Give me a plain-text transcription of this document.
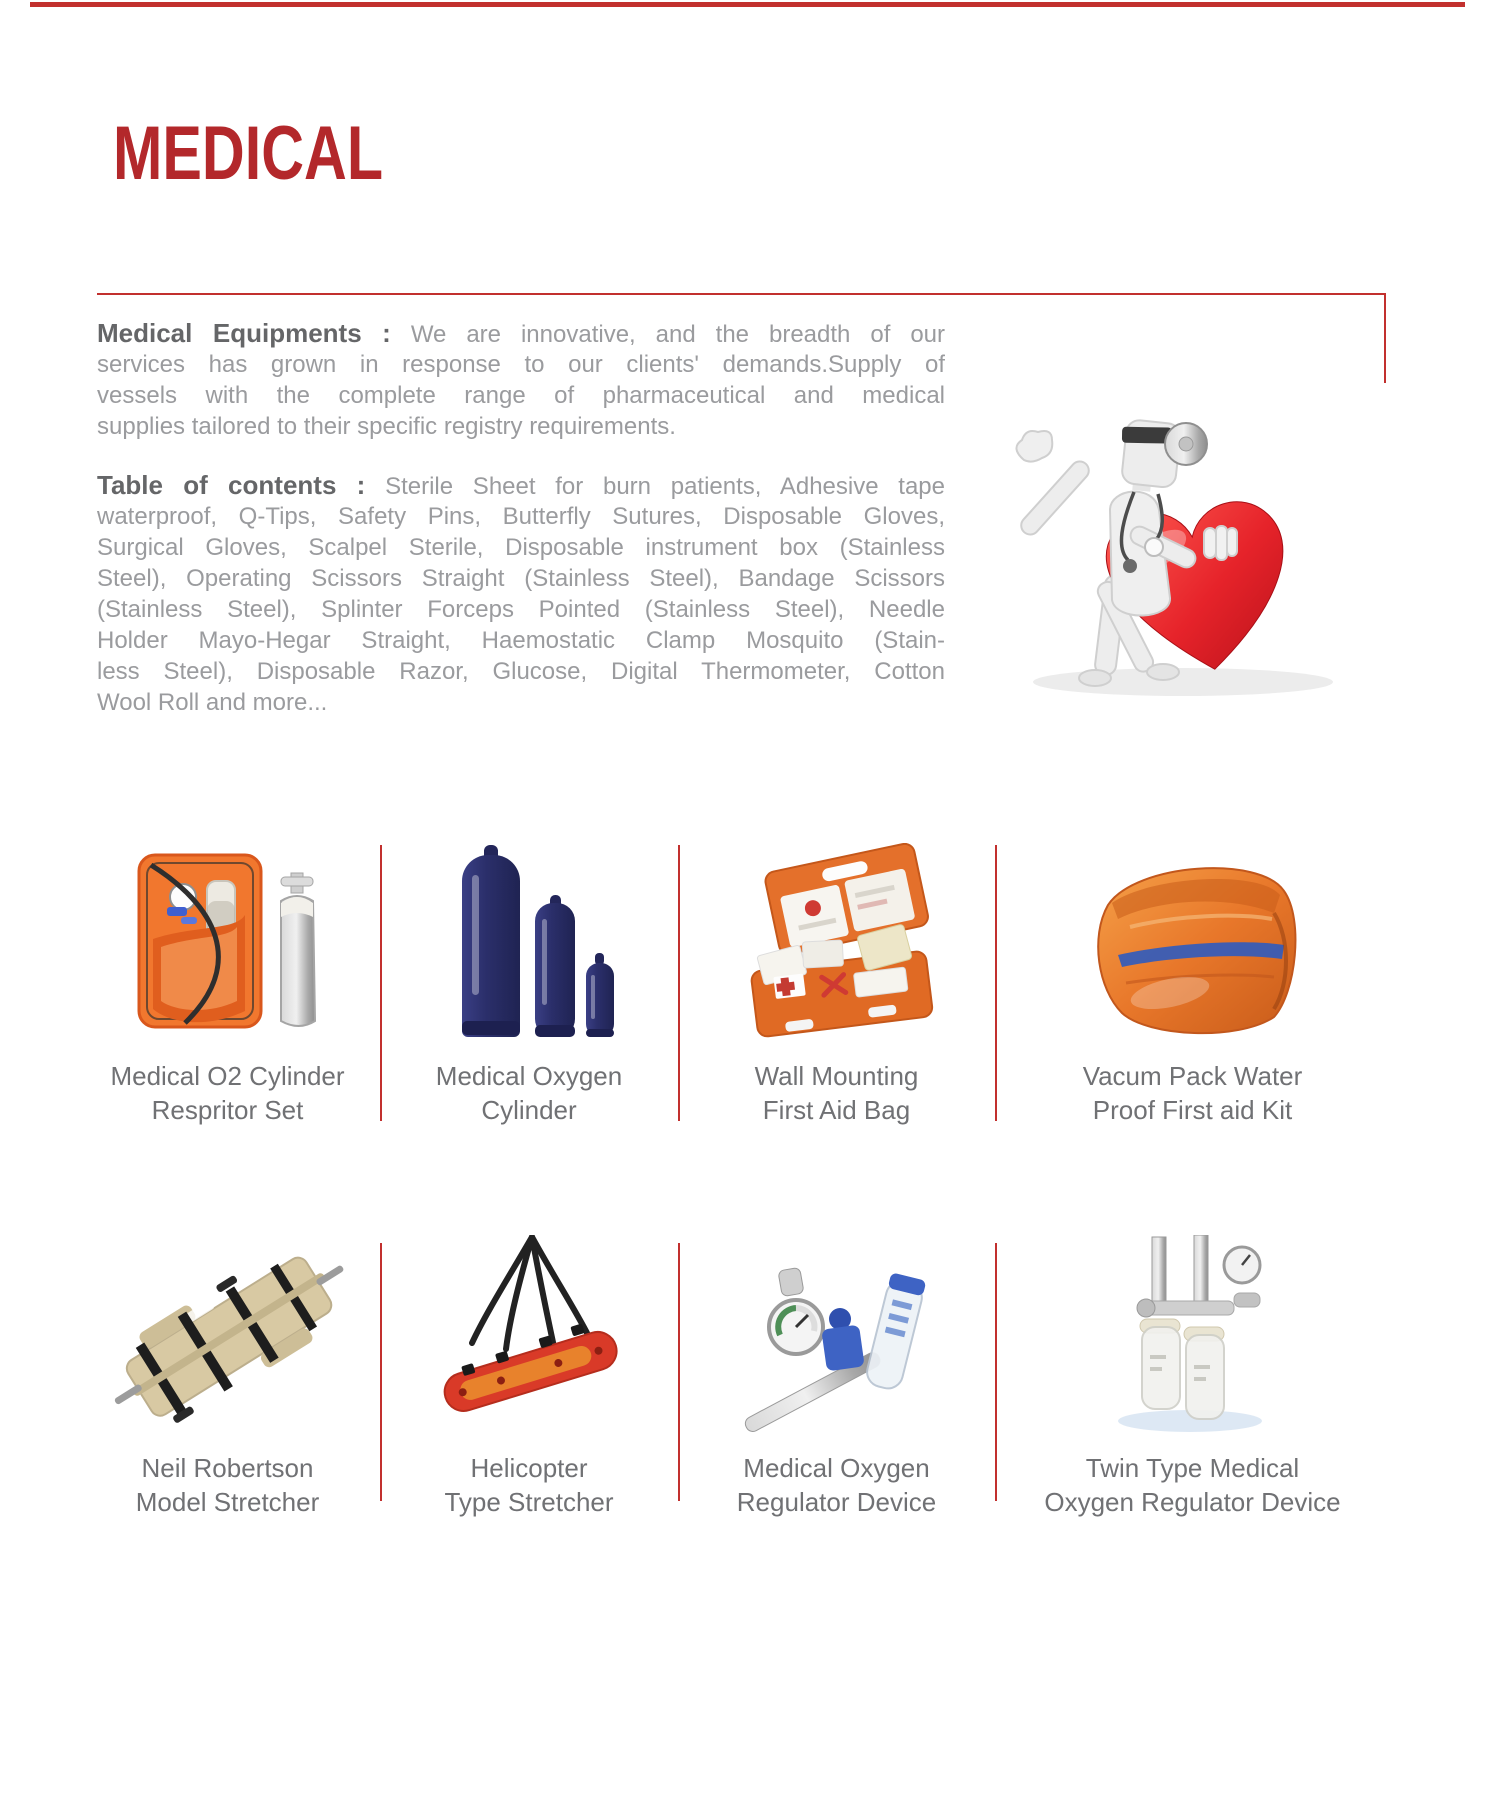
MEDICAL
Medical Equipments : We are innovative, and the breadth of our
services has grown in response to our clients' demands.Supply of
vessels with the complete range of pharmaceutical and medical
supplies tailored to their specific registry requirements.
Table of contents : Sterile Sheet for burn patients, Adhesive tape
waterproof, Q-Tips, Safety Pins, Butterfly Sutures, Disposable Gloves,
Surgical Gloves, Scalpel Sterile, Disposable instrument box (Stainless
Steel), Operating Scissors Straight (Stainless Steel), Bandage Scissors
(Stainless Steel), Splinter Forceps Pointed (Stainless Steel), Needle
Holder Mayo-Hegar Straight, Haemostatic Clamp Mosquito (Stain-
less Steel), Disposable Razor, Glucose, Digital Thermometer, Cotton
Wool Roll and more...
Medical O2 Cylinder
Respritor Set
Medical Oxygen
Cylinder
Wall Mounting
First Aid Bag
Vacum Pack Water
Proof First aid Kit
Neil Robertson
Model Stretcher
Helicopter
Type Stretcher
Medical Oxygen
Regulator Device
Twin Type Medical
Oxygen Regulator Device
